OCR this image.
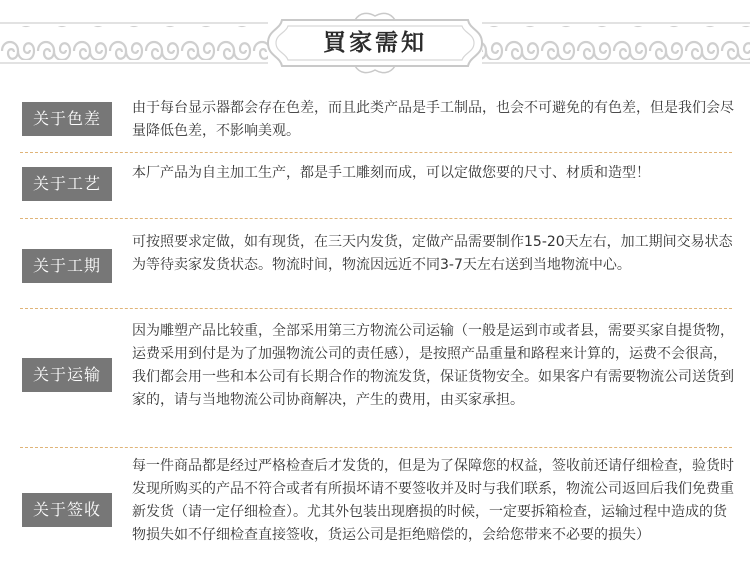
買家需知
关于色差
由于每台显示器都会存在色差，而且此类产品是手工制品，也会不可避免的有色差，但是我们会尽量降低色差，不影响美观。
关于工艺
本厂产品为自主加工生产，都是手工雕刻而成，可以定做您要的尺寸、材质和造型！
关于工期
可按照要求定做，如有现货，在三天内发货，定做产品需要制作15-20天左右，加工期间交易状态为等待卖家发货状态。物流时间，物流因远近不同3-7天左右送到当地物流中心。
关于运输
因为雕塑产品比较重，全部采用第三方物流公司运输（一般是运到市或者县，需要买家自提货物，运费采用到付是为了加强物流公司的责任感），是按照产品重量和路程来计算的，运费不会很高，我们都会用一些和本公司有长期合作的物流发货，保证货物安全。如果客户有需要物流公司送货到家的，请与当地物流公司协商解决，产生的费用，由买家承担。
关于签收
每一件商品都是经过严格检查后才发货的，但是为了保障您的权益，签收前还请仔细检查，验货时发现所购买的产品不符合或者有所损坏请不要签收并及时与我们联系，物流公司返回后我们免费重新发货（请一定仔细检查）。尤其外包装出现磨损的时候，一定要拆箱检查，运输过程中造成的货物损失如不仔细检查直接签收，货运公司是拒绝赔偿的，会给您带来不必要的损失）
